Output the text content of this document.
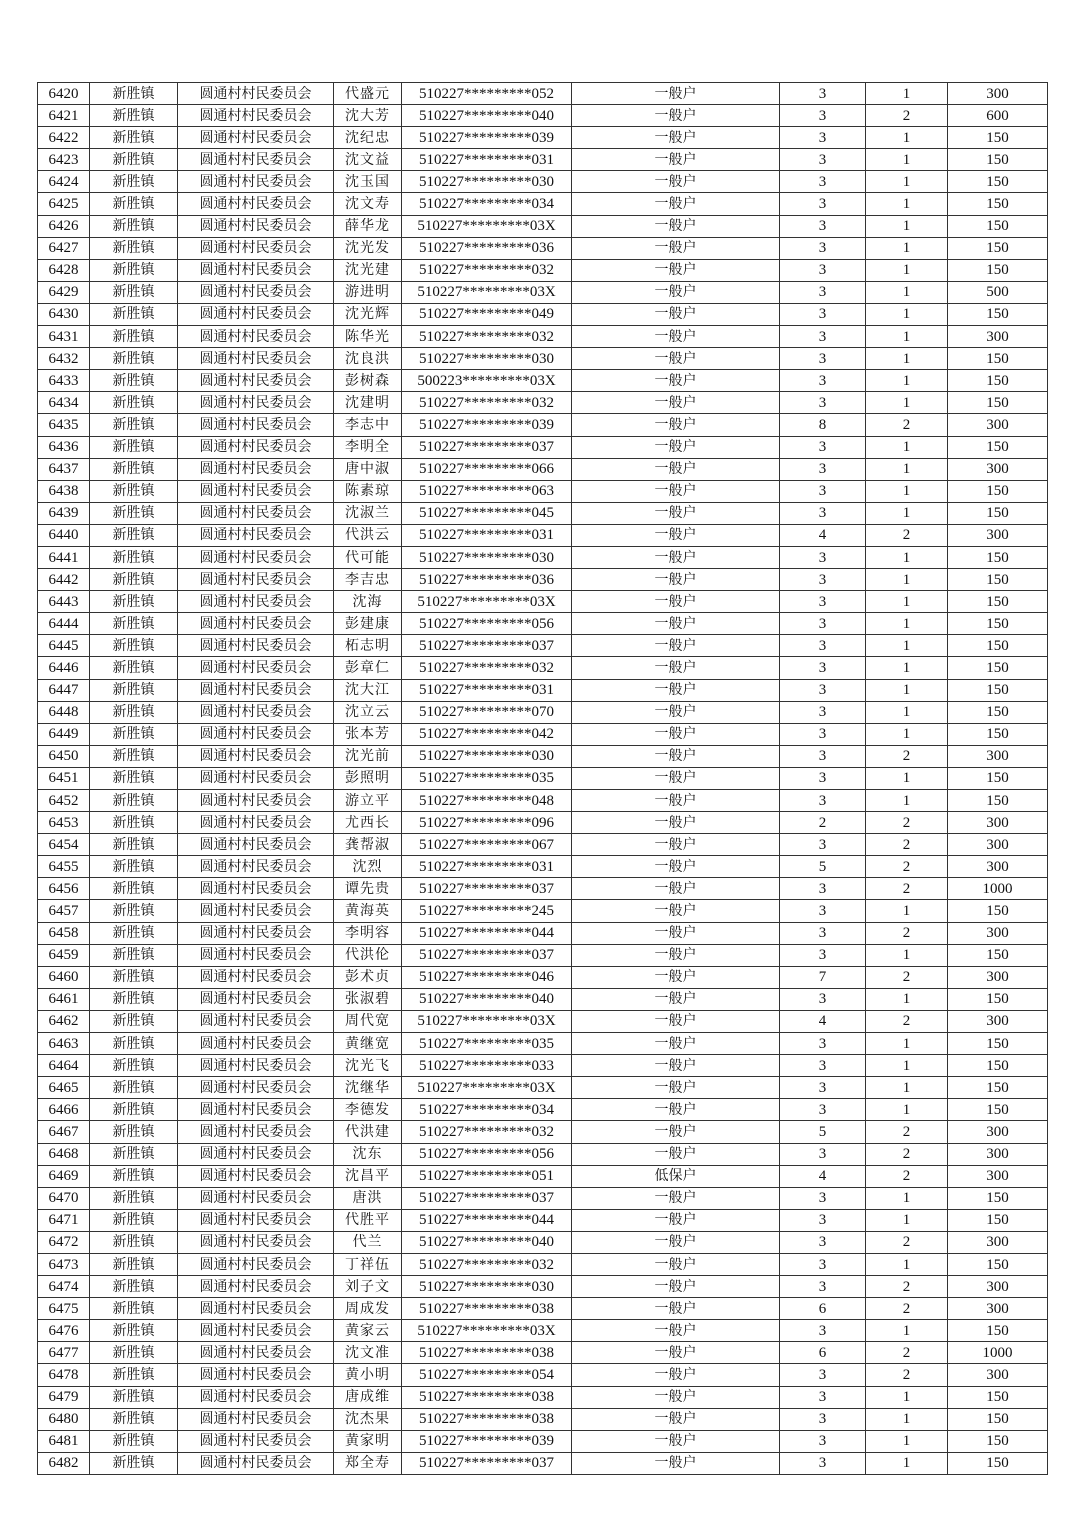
6420	新胜镇	圆通村村民委员会	代盛元	510227*********052	一般户	3	1	300
6421	新胜镇	圆通村村民委员会	沈大芳	510227*********040	一般户	3	2	600
6422	新胜镇	圆通村村民委员会	沈纪忠	510227*********039	一般户	3	1	150
6423	新胜镇	圆通村村民委员会	沈文益	510227*********031	一般户	3	1	150
6424	新胜镇	圆通村村民委员会	沈玉国	510227*********030	一般户	3	1	150
6425	新胜镇	圆通村村民委员会	沈文寿	510227*********034	一般户	3	1	150
6426	新胜镇	圆通村村民委员会	薛华龙	510227*********03X	一般户	3	1	150
6427	新胜镇	圆通村村民委员会	沈光发	510227*********036	一般户	3	1	150
6428	新胜镇	圆通村村民委员会	沈光建	510227*********032	一般户	3	1	150
6429	新胜镇	圆通村村民委员会	游进明	510227*********03X	一般户	3	1	500
6430	新胜镇	圆通村村民委员会	沈光辉	510227*********049	一般户	3	1	150
6431	新胜镇	圆通村村民委员会	陈华光	510227*********032	一般户	3	1	300
6432	新胜镇	圆通村村民委员会	沈良洪	510227*********030	一般户	3	1	150
6433	新胜镇	圆通村村民委员会	彭树森	500223*********03X	一般户	3	1	150
6434	新胜镇	圆通村村民委员会	沈建明	510227*********032	一般户	3	1	150
6435	新胜镇	圆通村村民委员会	李志中	510227*********039	一般户	8	2	300
6436	新胜镇	圆通村村民委员会	李明全	510227*********037	一般户	3	1	150
6437	新胜镇	圆通村村民委员会	唐中淑	510227*********066	一般户	3	1	300
6438	新胜镇	圆通村村民委员会	陈素琼	510227*********063	一般户	3	1	150
6439	新胜镇	圆通村村民委员会	沈淑兰	510227*********045	一般户	3	1	150
6440	新胜镇	圆通村村民委员会	代洪云	510227*********031	一般户	4	2	300
6441	新胜镇	圆通村村民委员会	代可能	510227*********030	一般户	3	1	150
6442	新胜镇	圆通村村民委员会	李吉忠	510227*********036	一般户	3	1	150
6443	新胜镇	圆通村村民委员会	沈海	510227*********03X	一般户	3	1	150
6444	新胜镇	圆通村村民委员会	彭建康	510227*********056	一般户	3	1	150
6445	新胜镇	圆通村村民委员会	柘志明	510227*********037	一般户	3	1	150
6446	新胜镇	圆通村村民委员会	彭章仁	510227*********032	一般户	3	1	150
6447	新胜镇	圆通村村民委员会	沈大江	510227*********031	一般户	3	1	150
6448	新胜镇	圆通村村民委员会	沈立云	510227*********070	一般户	3	1	150
6449	新胜镇	圆通村村民委员会	张本芳	510227*********042	一般户	3	1	150
6450	新胜镇	圆通村村民委员会	沈光前	510227*********030	一般户	3	2	300
6451	新胜镇	圆通村村民委员会	彭照明	510227*********035	一般户	3	1	150
6452	新胜镇	圆通村村民委员会	游立平	510227*********048	一般户	3	1	150
6453	新胜镇	圆通村村民委员会	尤西长	510227*********096	一般户	2	2	300
6454	新胜镇	圆通村村民委员会	龚帮淑	510227*********067	一般户	3	2	300
6455	新胜镇	圆通村村民委员会	沈烈	510227*********031	一般户	5	2	300
6456	新胜镇	圆通村村民委员会	谭先贵	510227*********037	一般户	3	2	1000
6457	新胜镇	圆通村村民委员会	黄海英	510227*********245	一般户	3	1	150
6458	新胜镇	圆通村村民委员会	李明容	510227*********044	一般户	3	2	300
6459	新胜镇	圆通村村民委员会	代洪伦	510227*********037	一般户	3	1	150
6460	新胜镇	圆通村村民委员会	彭术贞	510227*********046	一般户	7	2	300
6461	新胜镇	圆通村村民委员会	张淑碧	510227*********040	一般户	3	1	150
6462	新胜镇	圆通村村民委员会	周代宽	510227*********03X	一般户	4	2	300
6463	新胜镇	圆通村村民委员会	黄继宽	510227*********035	一般户	3	1	150
6464	新胜镇	圆通村村民委员会	沈光飞	510227*********033	一般户	3	1	150
6465	新胜镇	圆通村村民委员会	沈继华	510227*********03X	一般户	3	1	150
6466	新胜镇	圆通村村民委员会	李德发	510227*********034	一般户	3	1	150
6467	新胜镇	圆通村村民委员会	代洪建	510227*********032	一般户	5	2	300
6468	新胜镇	圆通村村民委员会	沈东	510227*********056	一般户	3	2	300
6469	新胜镇	圆通村村民委员会	沈昌平	510227*********051	低保户	4	2	300
6470	新胜镇	圆通村村民委员会	唐洪	510227*********037	一般户	3	1	150
6471	新胜镇	圆通村村民委员会	代胜平	510227*********044	一般户	3	1	150
6472	新胜镇	圆通村村民委员会	代兰	510227*********040	一般户	3	2	300
6473	新胜镇	圆通村村民委员会	丁祥伍	510227*********032	一般户	3	1	150
6474	新胜镇	圆通村村民委员会	刘子文	510227*********030	一般户	3	2	300
6475	新胜镇	圆通村村民委员会	周成发	510227*********038	一般户	6	2	300
6476	新胜镇	圆通村村民委员会	黄家云	510227*********03X	一般户	3	1	150
6477	新胜镇	圆通村村民委员会	沈文准	510227*********038	一般户	6	2	1000
6478	新胜镇	圆通村村民委员会	黄小明	510227*********054	一般户	3	2	300
6479	新胜镇	圆通村村民委员会	唐成维	510227*********038	一般户	3	1	150
6480	新胜镇	圆通村村民委员会	沈杰果	510227*********038	一般户	3	1	150
6481	新胜镇	圆通村村民委员会	黄家明	510227*********039	一般户	3	1	150
6482	新胜镇	圆通村村民委员会	郑全寿	510227*********037	一般户	3	1	150
